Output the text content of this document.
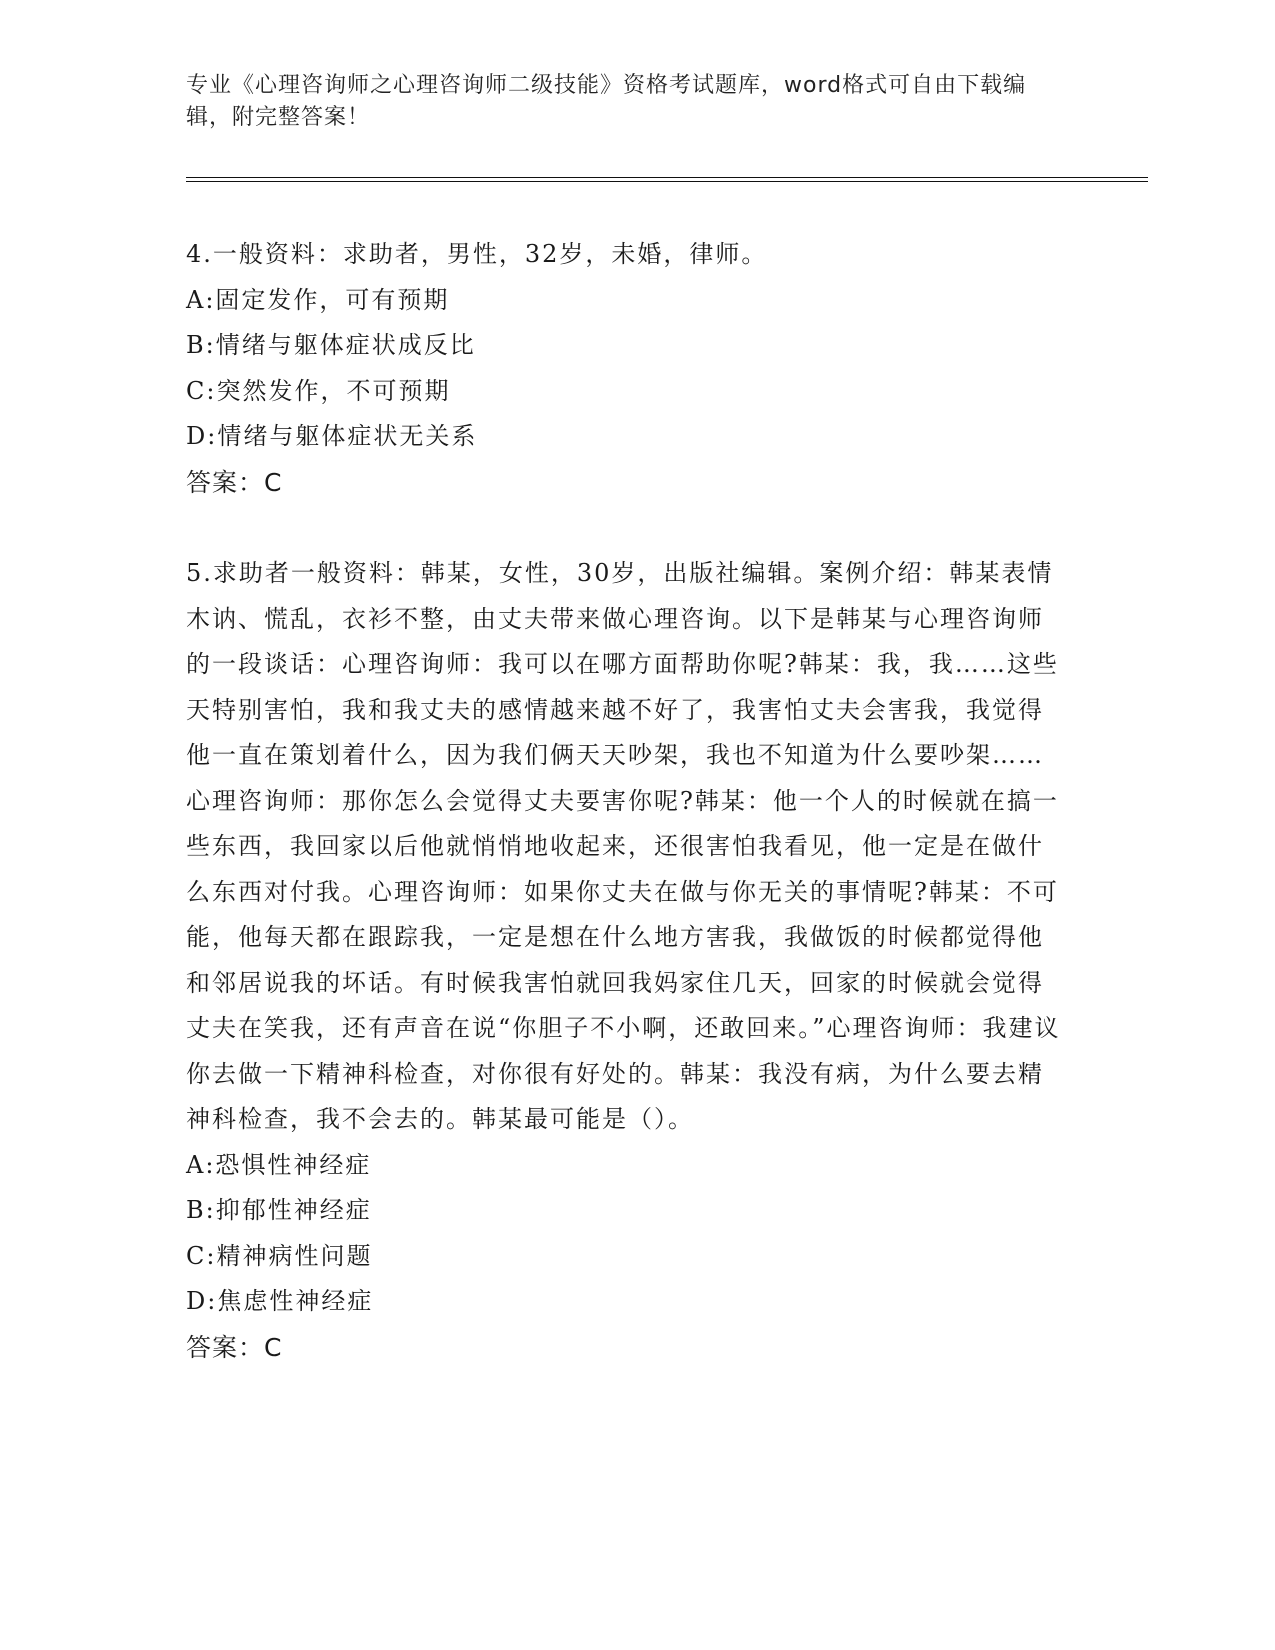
专业《心理咨询师之心理咨询师二级技能》资格考试题库，word格式可自由下载编辑，附完整答案！

4.一般资料：求助者，男性，32岁，未婚，律师。

A:固定发作，可有预期

B:情绪与躯体症状成反比

C:突然发作，不可预期

D:情绪与躯体症状无关系

答案：C

5.求助者一般资料：韩某，女性，30岁，出版社编辑。案例介绍：韩某表情木讷、慌乱，衣衫不整，由丈夫带来做心理咨询。以下是韩某与心理咨询师的一段谈话：心理咨询师：我可以在哪方面帮助你呢?韩某：我，我……这些天特别害怕，我和我丈夫的感情越来越不好了，我害怕丈夫会害我，我觉得他一直在策划着什么，因为我们俩天天吵架，我也不知道为什么要吵架……心理咨询师：那你怎么会觉得丈夫要害你呢?韩某：他一个人的时候就在搞一些东西，我回家以后他就悄悄地收起来，还很害怕我看见，他一定是在做什么东西对付我。心理咨询师：如果你丈夫在做与你无关的事情呢?韩某：不可能，他每天都在跟踪我，一定是想在什么地方害我，我做饭的时候都觉得他和邻居说我的坏话。有时候我害怕就回我妈家住几天，回家的时候就会觉得丈夫在笑我，还有声音在说“你胆子不小啊，还敢回来。”心理咨询师：我建议你去做一下精神科检查，对你很有好处的。韩某：我没有病，为什么要去精神科检查，我不会去的。韩某最可能是（）。

A:恐惧性神经症

B:抑郁性神经症

C:精神病性问题

D:焦虑性神经症

答案：C
